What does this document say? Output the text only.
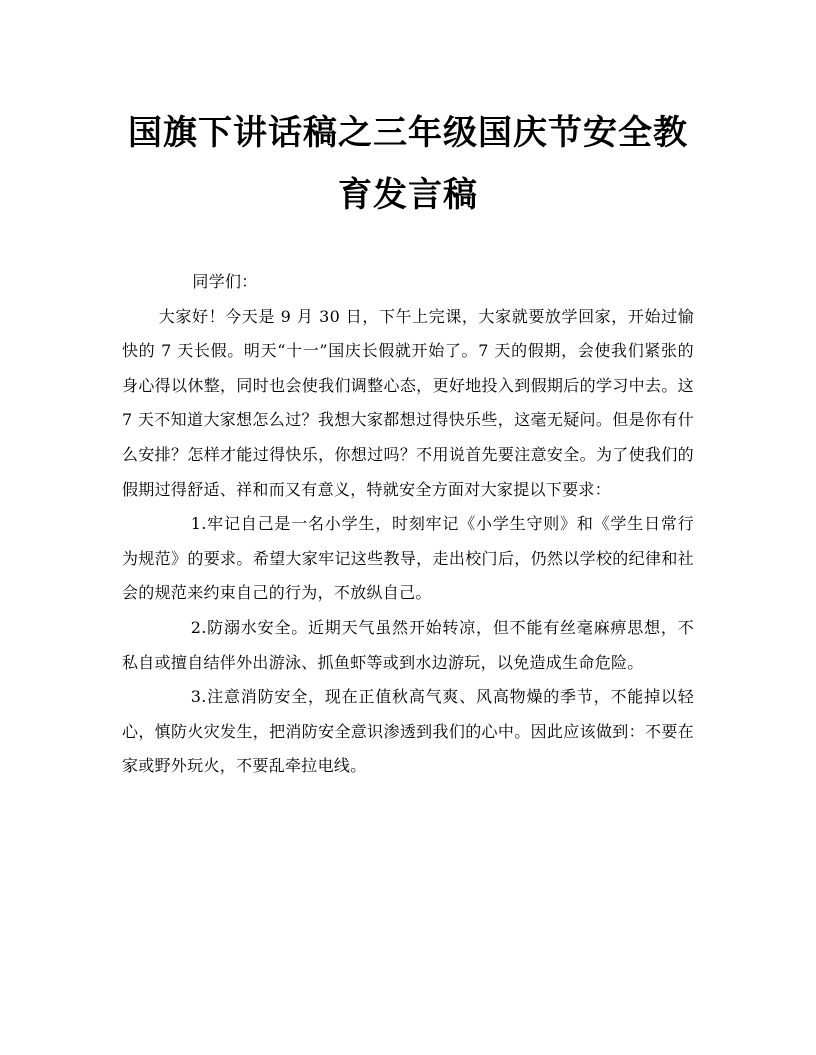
国旗下讲话稿之三年级国庆节安全教
育发言稿

同学们：

大家好！今天是 9 月 30 日，下午上完课，大家就要放学回家，开始过愉快的 7 天长假。明天“十一”国庆长假就开始了。7 天的假期，会使我们紧张的身心得以休整，同时也会使我们调整心态，更好地投入到假期后的学习中去。这 7 天不知道大家想怎么过？我想大家都想过得快乐些，这毫无疑问。但是你有什么安排？怎样才能过得快乐，你想过吗？不用说首先要注意安全。为了使我们的假期过得舒适、祥和而又有意义，特就安全方面对大家提以下要求：

1.牢记自己是一名小学生，时刻牢记《小学生守则》和《学生日常行为规范》的要求。希望大家牢记这些教导，走出校门后，仍然以学校的纪律和社会的规范来约束自己的行为，不放纵自己。

2.防溺水安全。近期天气虽然开始转凉，但不能有丝毫麻痹思想，不私自或擅自结伴外出游泳、抓鱼虾等或到水边游玩，以免造成生命危险。

3.注意消防安全，现在正值秋高气爽、风高物燥的季节，不能掉以轻心，慎防火灾发生，把消防安全意识渗透到我们的心中。因此应该做到：不要在家或野外玩火，不要乱牵拉电线。
